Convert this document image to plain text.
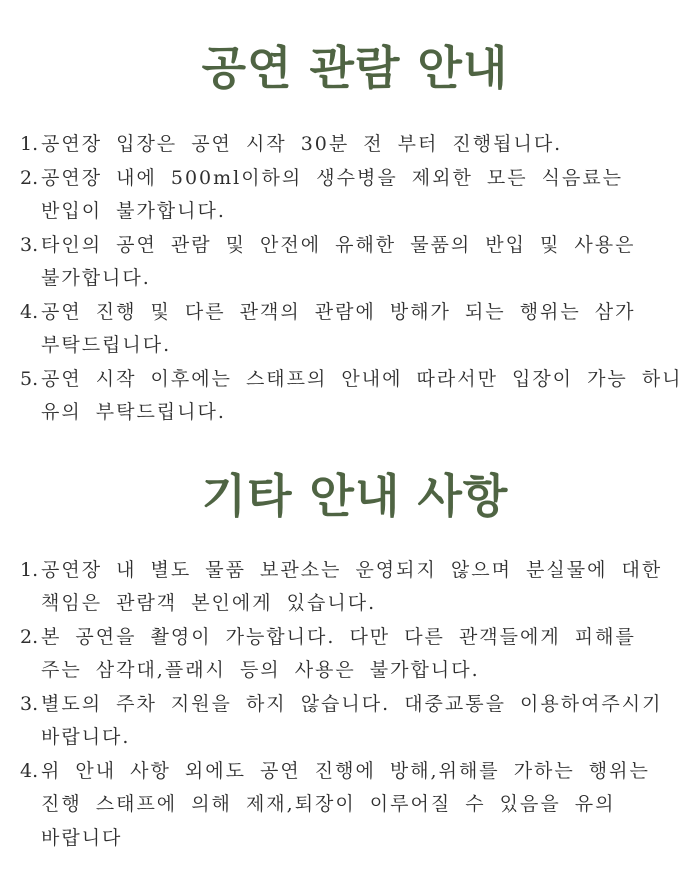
공연 관람 안내
1. 공연장 입장은 공연 시작 30분 전 부터 진행됩니다.
2. 공연장 내에 500ml이하의 생수병을 제외한 모든 식음료는 반입이 불가합니다.
3. 타인의 공연 관람 및 안전에 유해한 물품의 반입 및 사용은 불가합니다.
4. 공연 진행 및 다른 관객의 관람에 방해가 되는 행위는 삼가 부탁드립니다.
5. 공연 시작 이후에는 스태프의 안내에 따라서만 입장이 가능 하니 유의 부탁드립니다.
기타 안내 사항
1. 공연장 내 별도 물품 보관소는 운영되지 않으며 분실물에 대한 책임은 관람객 본인에게 있습니다.
2. 본 공연을 촬영이 가능합니다. 다만 다른 관객들에게 피해를 주는 삼각대,플래시 등의 사용은 불가합니다.
3. 별도의 주차 지원을 하지 않습니다. 대중교통을 이용하여주시기 바랍니다.
4. 위 안내 사항 외에도 공연 진행에 방해,위해를 가하는 행위는 진행 스태프에 의해 제재,퇴장이 이루어질 수 있음을 유의 바랍니다
